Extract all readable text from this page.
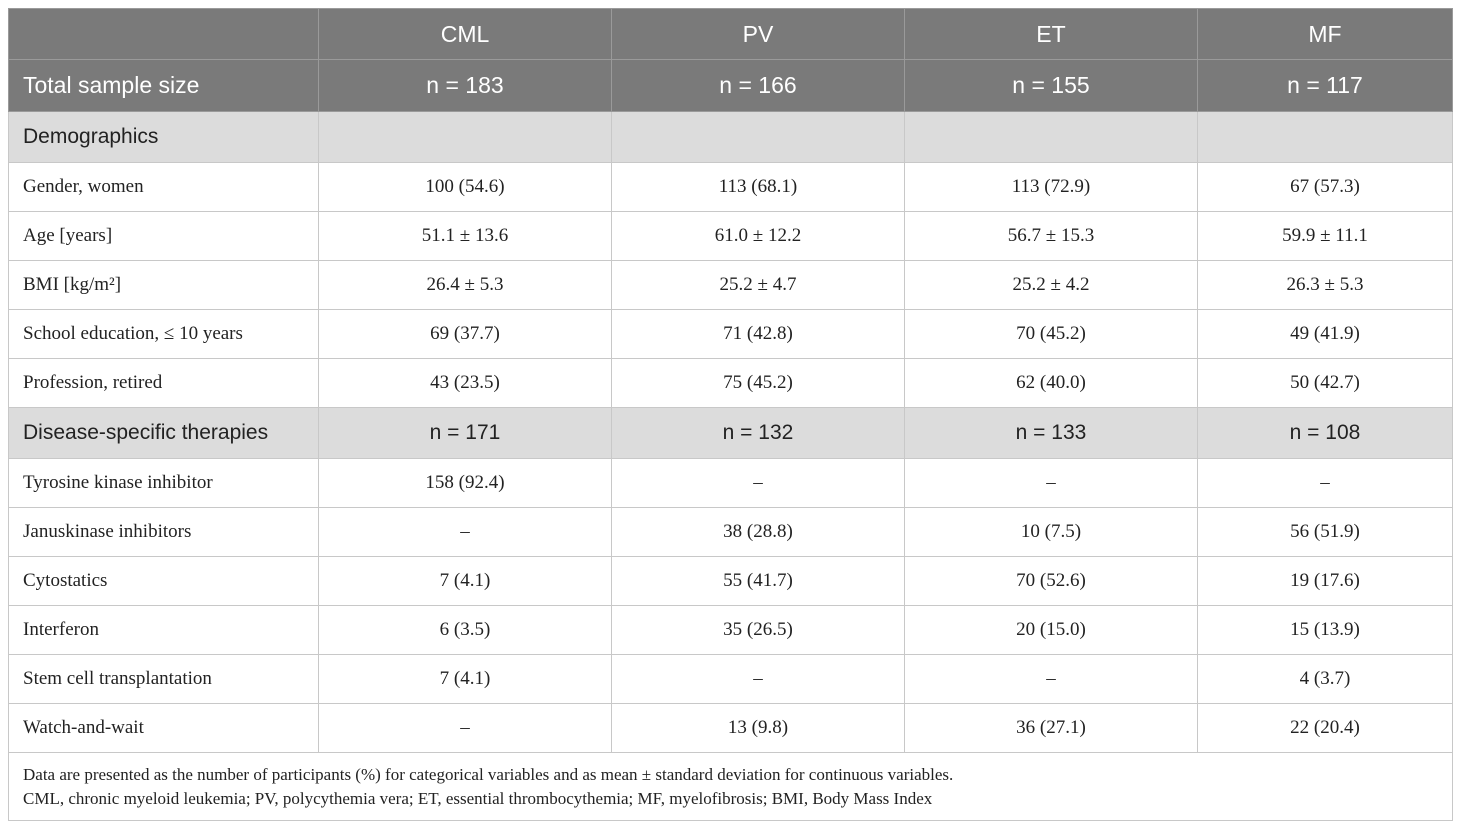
	CML	PV	ET	MF
Total sample size	n = 183	n = 166	n = 155	n = 117
Demographics				
Gender, women	100 (54.6)	113 (68.1)	113 (72.9)	67 (57.3)
Age [years]	51.1 ± 13.6	61.0 ± 12.2	56.7 ± 15.3	59.9 ± 11.1
BMI [kg/m²]	26.4 ± 5.3	25.2 ± 4.7	25.2 ± 4.2	26.3 ± 5.3
School education, ≤ 10 years	69 (37.7)	71 (42.8)	70 (45.2)	49 (41.9)
Profession, retired	43 (23.5)	75 (45.2)	62 (40.0)	50 (42.7)
Disease-specific therapies	n = 171	n = 132	n = 133	n = 108
Tyrosine kinase inhibitor	158 (92.4)	–	–	–
Januskinase inhibitors	–	38 (28.8)	10 (7.5)	56 (51.9)
Cytostatics	7 (4.1)	55 (41.7)	70 (52.6)	19 (17.6)
Interferon	6 (3.5)	35 (26.5)	20 (15.0)	15 (13.9)
Stem cell transplantation	7 (4.1)	–	–	4 (3.7)
Watch-and-wait	–	13 (9.8)	36 (27.1)	22 (20.4)

Data are presented as the number of participants (%) for categorical variables and as mean ± standard deviation for continuous variables.
CML, chronic myeloid leukemia; PV, polycythemia vera; ET, essential thrombocythemia; MF, myelofibrosis; BMI, Body Mass Index				
